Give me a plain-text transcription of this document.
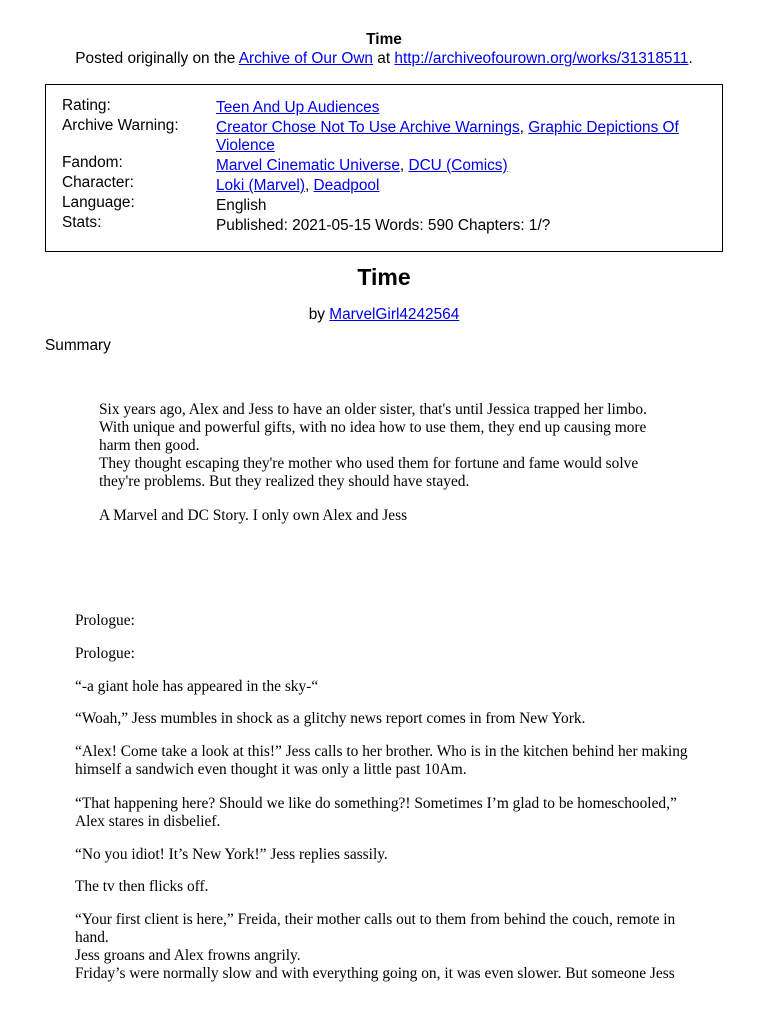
Time
Posted originally on the Archive of Our Own at http://archiveofourown.org/works/31318511.
Rating:	Teen And Up Audiences
Archive Warning: Creator Chose Not To Use Archive Warnings, Graphic Depictions Of Violence
Fandom:	Marvel Cinematic Universe, DCU (Comics)
Character:	Loki (Marvel), Deadpool
Language:	English
Stats:	Published: 2021-05-15 Words: 590 Chapters: 1/?
Time
by MarvelGirl4242564
Summary
Six years ago, Alex and Jess to have an older sister, that's until Jessica trapped her limbo.
With unique and powerful gifts, with no idea how to use them, they end up causing more
harm then good.
They thought escaping they're mother who used them for fortune and fame would solve
they're problems. But they realized they should have stayed.
A Marvel and DC Story. I only own Alex and Jess
Prologue:
Prologue:
“-a giant hole has appeared in the sky-“
“Woah,” Jess mumbles in shock as a glitchy news report comes in from New York.
“Alex! Come take a look at this!” Jess calls to her brother. Who is in the kitchen behind her making
himself a sandwich even thought it was only a little past 10Am.
“That happening here? Should we like do something?! Sometimes I’m glad to be homeschooled,”
Alex stares in disbelief.
“No you idiot! It’s New York!” Jess replies sassily.
The tv then flicks off.
“Your first client is here,” Freida, their mother calls out to them from behind the couch, remote in
hand.
Jess groans and Alex frowns angrily.
Friday’s were normally slow and with everything going on, it was even slower. But someone Jess
